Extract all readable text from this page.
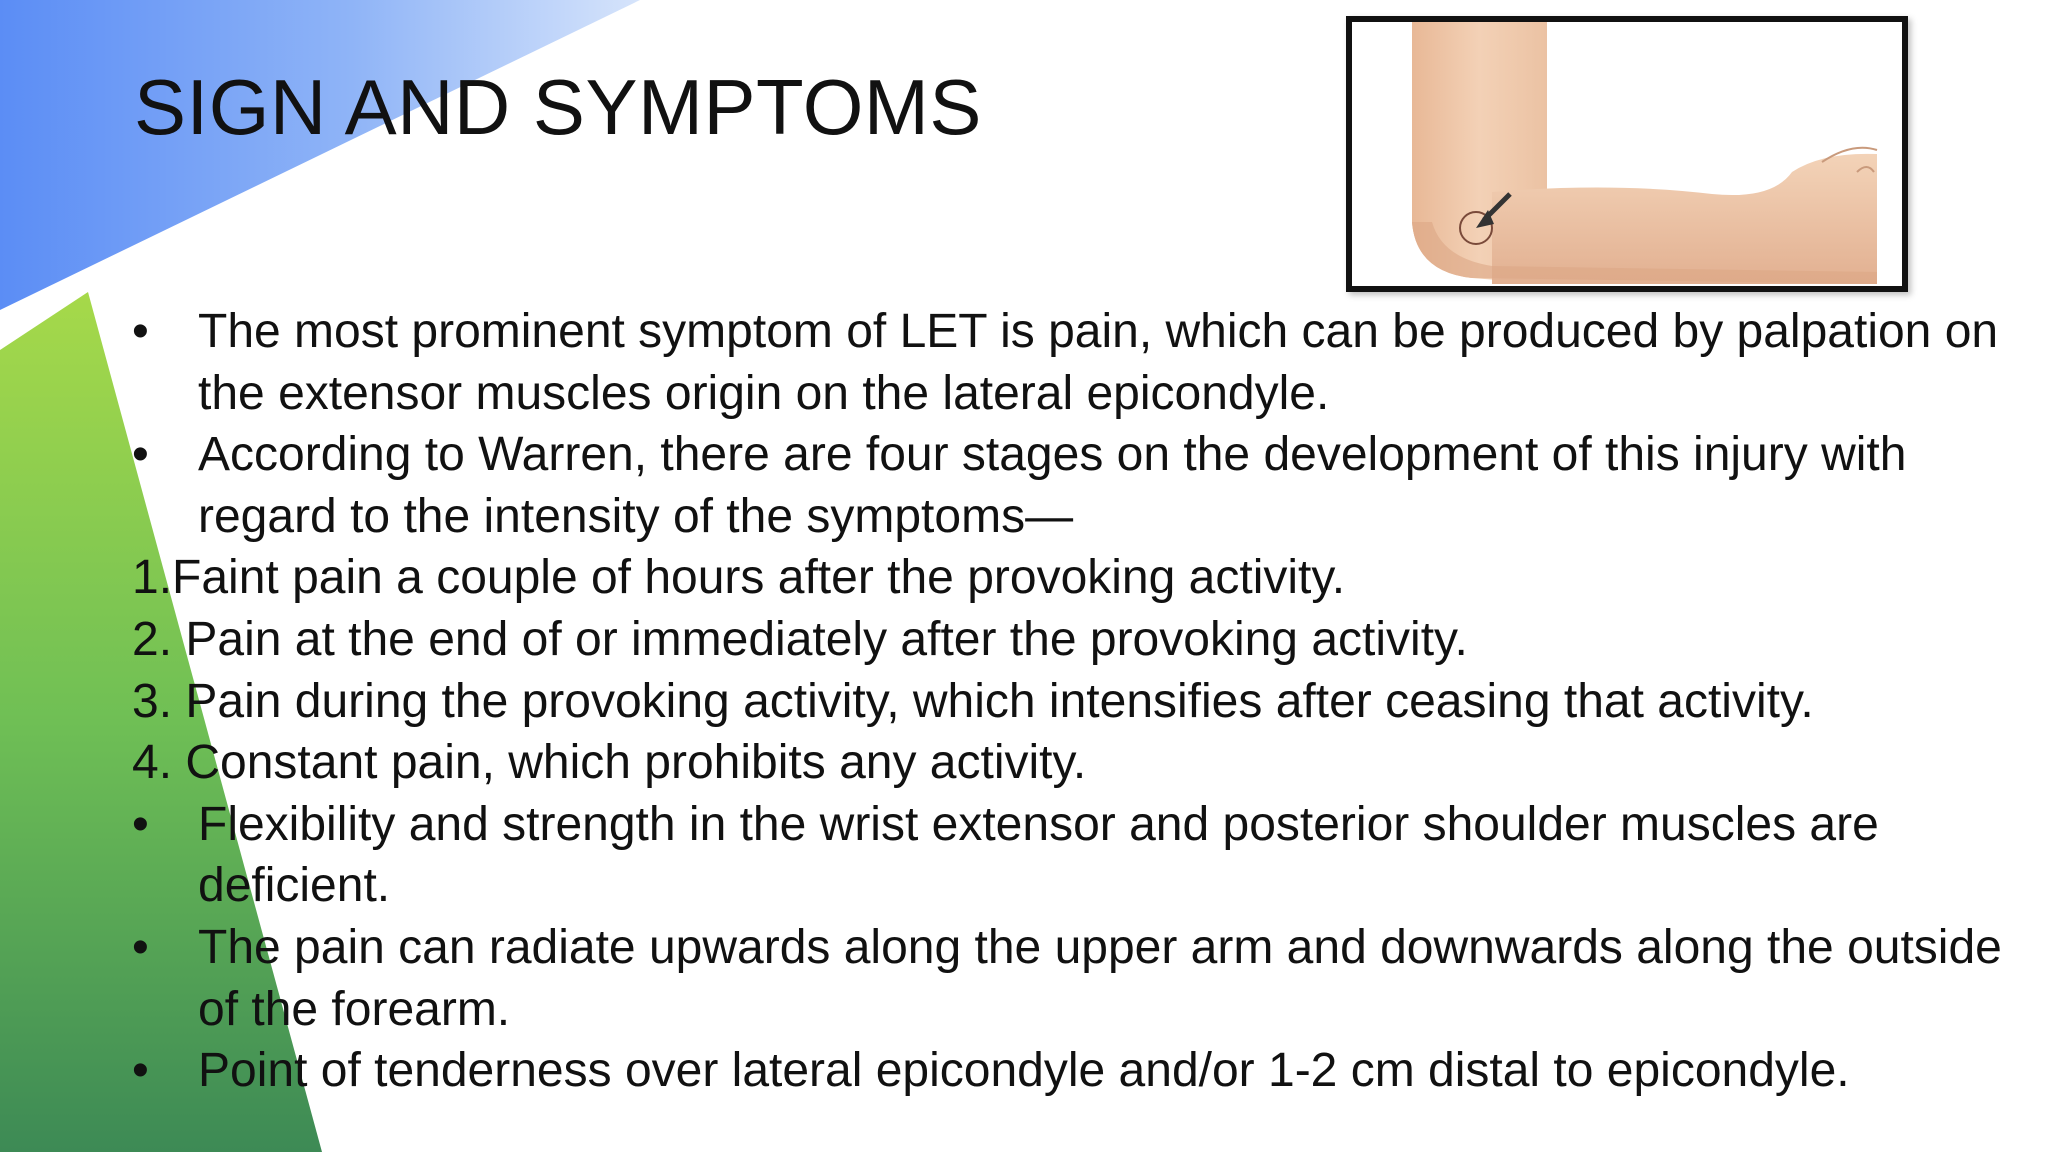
SIGN AND SYMPTOMS
•	The most prominent symptom of LET is pain, which can be produced by palpation on the extensor muscles origin on the lateral epicondyle.
•	According to Warren, there are four stages on the development of this injury with regard to the intensity of the symptoms—
1.Faint pain a couple of hours after the provoking activity.
2. Pain at the end of or immediately after the provoking activity.
3. Pain during the provoking activity, which intensifies after ceasing that activity.
4. Constant pain, which prohibits any activity.
•	Flexibility and strength in the wrist extensor and posterior shoulder muscles are deficient.
•	The pain can radiate upwards along the upper arm and downwards along the outside of the forearm.
•	Point of tenderness over lateral epicondyle and/or 1-2 cm distal to epicondyle.
